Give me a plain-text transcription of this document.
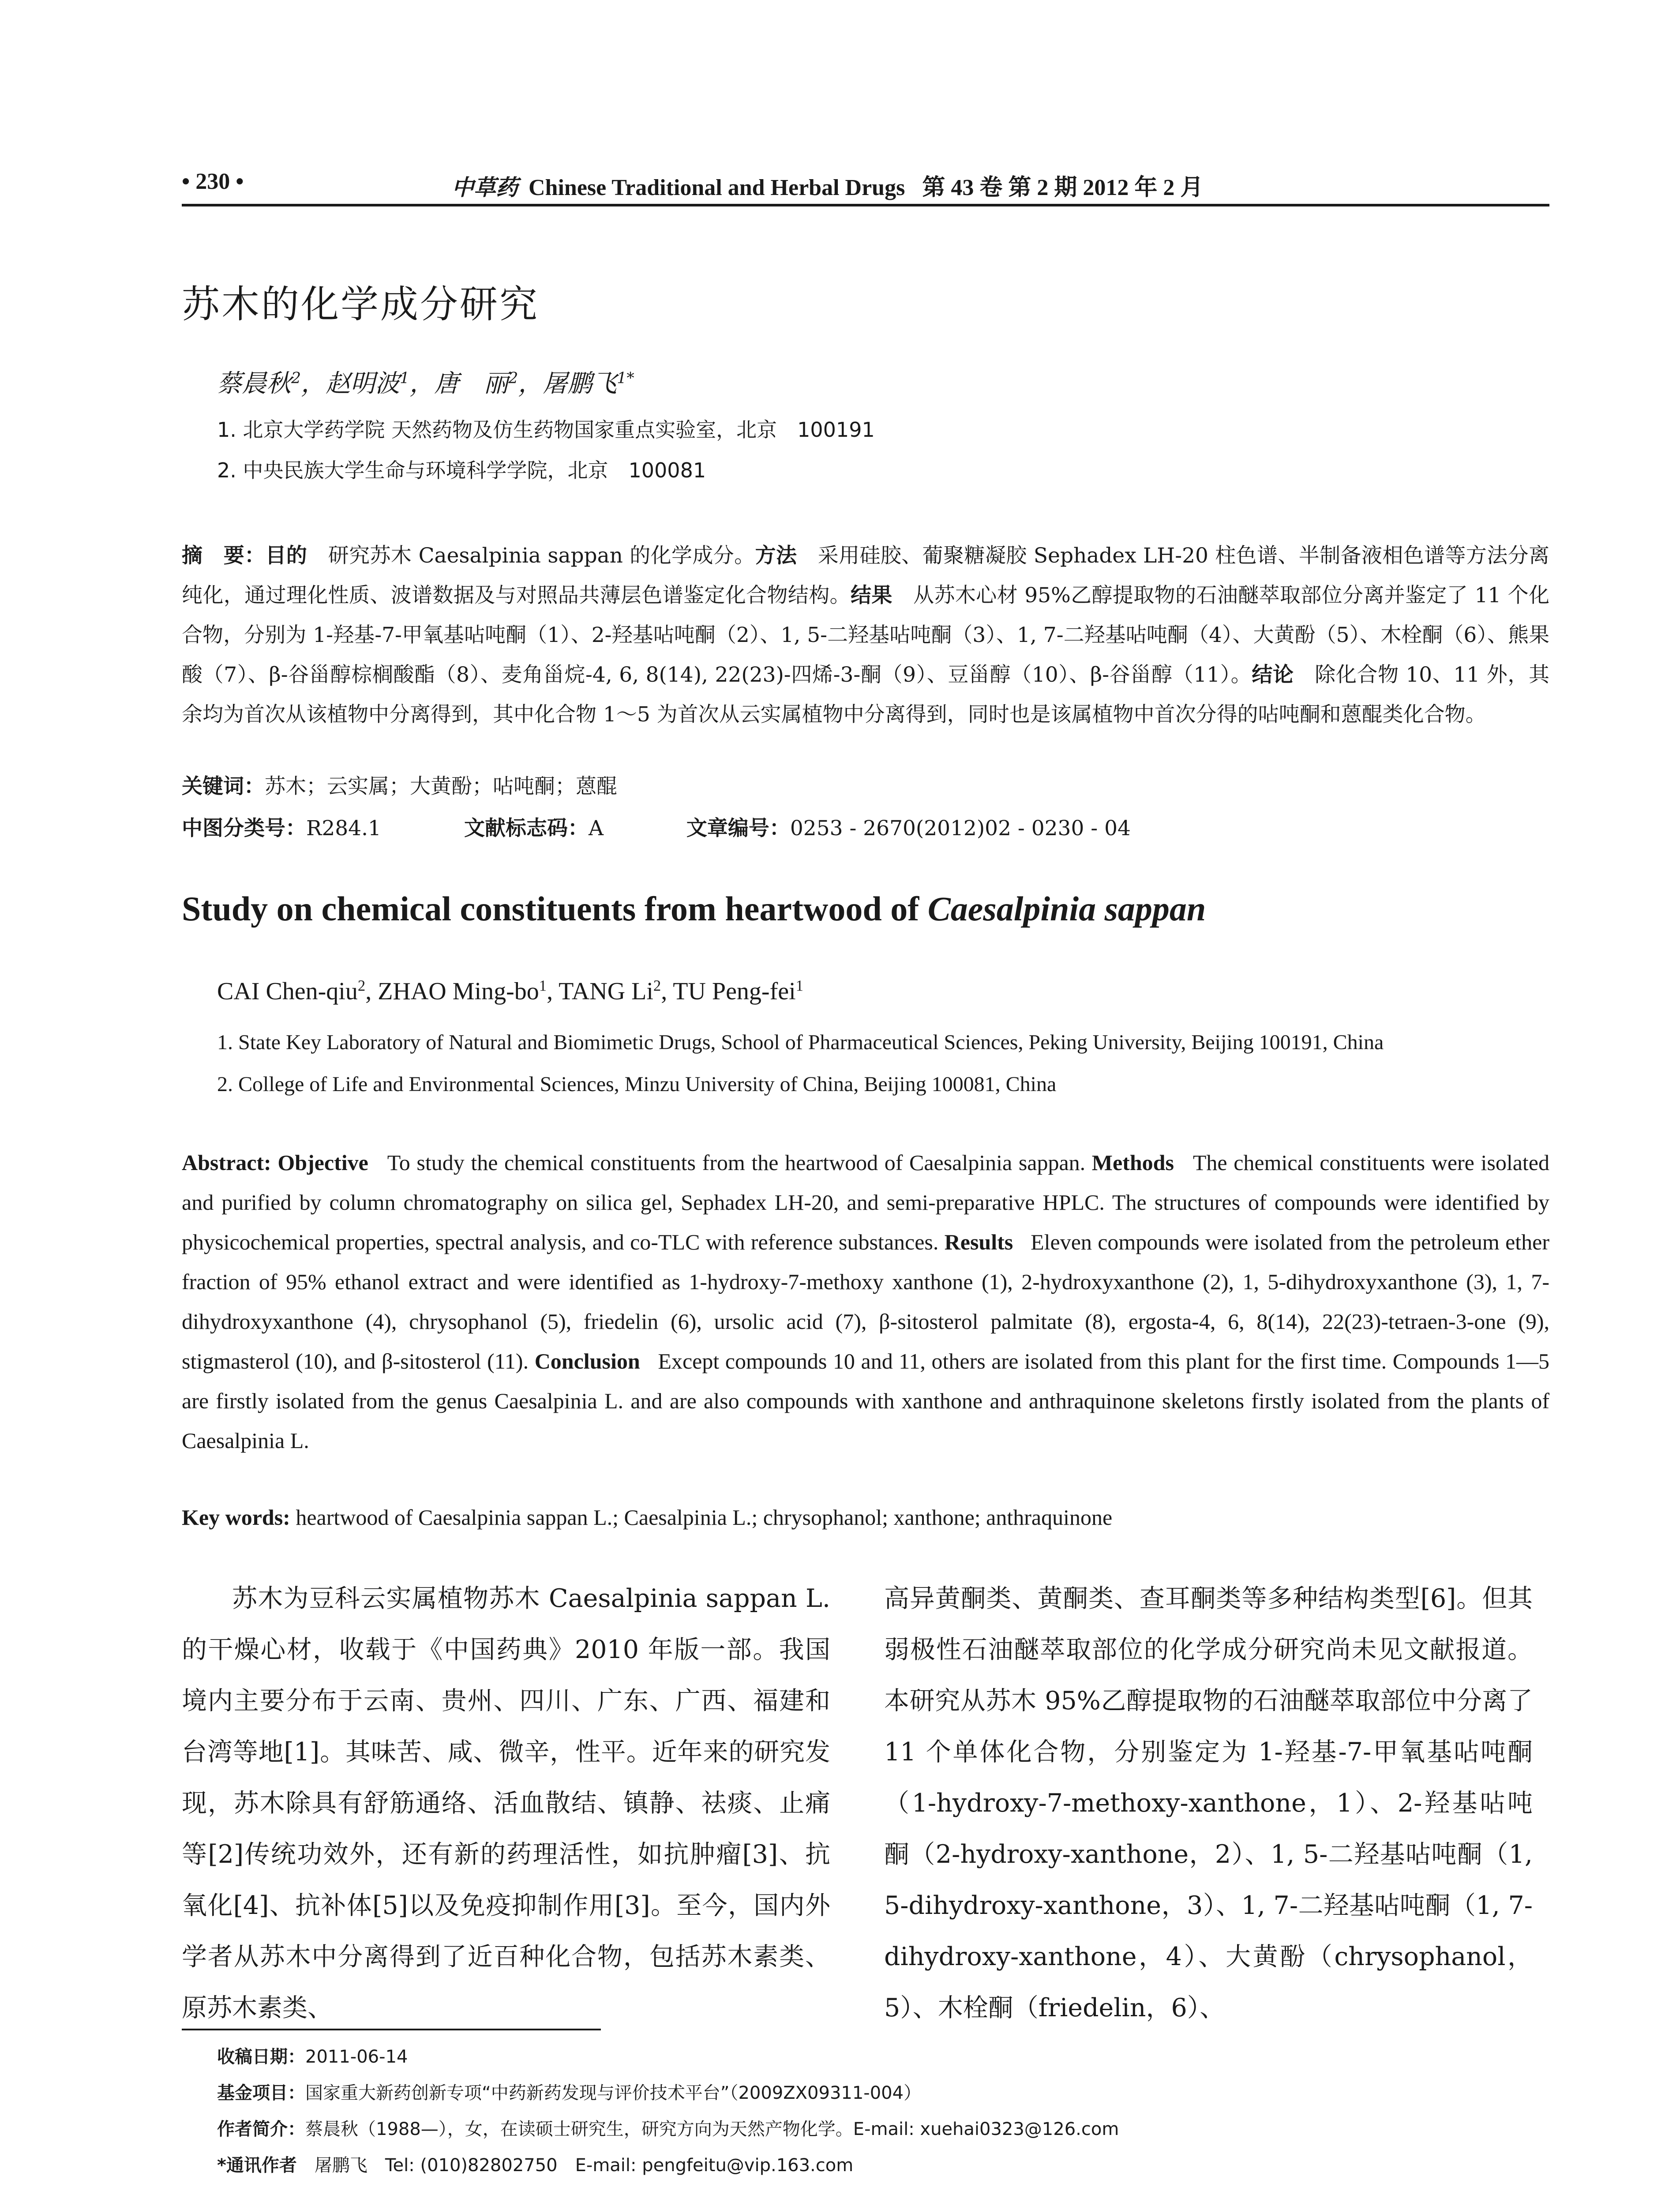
• 230 •	中草药 Chinese Traditional and Herbal Drugs 第 43 卷 第 2 期 2012 年 2 月
苏木的化学成分研究
蔡晨秋$^2$，赵明波$^1$，唐　丽$^2$，屠鹏飞$^{1*}$
1. 北京大学药学院 天然药物及仿生药物国家重点实验室，北京　100191
2. 中央民族大学生命与环境科学学院，北京　100081
摘　要：目的　 研究苏木 Caesalpinia sappan 的化学成分。方法　 采用硅胶、葡聚糖凝胶 Sephadex LH-20 柱色谱、半制备液相色谱等方法分离纯化，通过理化性质、波谱数据及与对照品共薄层色谱鉴定化合物结构。结果　 从苏木心材 95%乙醇提取物的石油醚萃取部位分离并鉴定了 11 个化合物，分别为 1-羟基-7-甲氧基呫吨酮（1）、2-羟基呫吨酮（2）、1, 5-二羟基呫吨酮（3）、1, 7-二羟基呫吨酮（4）、大黄酚（5）、木栓酮（6）、熊果酸（7）、β-谷甾醇棕榈酸酯（8）、麦角甾烷-4, 6, 8(14), 22(23)-四烯-3-酮（9）、豆甾醇（10）、β-谷甾醇（11）。结论　 除化合物 10、11 外，其余均为首次从该植物中分离得到，其中化合物 1～5 为首次从云实属植物中分离得到，同时也是该属植物中首次分得的呫吨酮和蒽醌类化合物。
关键词：苏木；云实属；大黄酚；呫吨酮；蒽醌
中图分类号：R284.1　　　　	文献标志码：A　　　　	文章编号：0253 - 2670(2012)02 - 0230 - 04
Study on chemical constituents from heartwood of Caesalpinia sappan
CAI Chen-qiu$^2$, ZHAO Ming-$bo^1$, TANG Li$^2$, TU Peng-fei$^1$
1. State Key Laboratory of Natural and Biomimetic Drugs, School of Pharmaceutical Sciences, Peking University, Beijing 100191, China
2. College of Life and Environmental Sciences, Minzu University of China, Beijing 100081, China
Abstract: Objective To study the chemical constituents from the heartwood of Caesalpinia sappan. Methods The chemical constituents were isolated and purified by column chromatography on silica gel, Sephadex LH-20, and semi-preparative HPLC. The structures of compounds were identified by physicochemical properties, spectral analysis, and co-TLC with reference substances. Results Eleven compounds were isolated from the petroleum ether fraction of 95% ethanol extract and were identified as 1-hydroxy-7-methoxy xanthone (1), 2-hydroxyxanthone (2), 1, 5-dihydroxyxanthone (3), 1, 7-dihydroxyxanthone (4), chrysophanol (5), friedelin (6), ursolic acid (7), β-sitosterol palmitate (8), ergosta-4, 6, 8(14), 22(23)-tetraen-3-one (9), stigmasterol (10), and β-sitosterol (11). Conclusion Except compounds 10 and 11, others are isolated from this plant for the first time. Compounds 1—5 are firstly isolated from the genus Caesalpinia L. and are also compounds with xanthone and anthraquinone skeletons firstly isolated from the plants of Caesalpinia L.
Key words: heartwood of Caesalpinia sappan L.; Caesalpinia L.; chrysophanol; xanthone; anthraquinone
苏木为豆科云实属植物苏木 Caesalpinia sappan L. 的干燥心材，收载于《中国药典》2010 年版一部。我国境内主要分布于云南、贵州、四川、广东、广西、福建和台湾等地[1]。其味苦、咸、微辛，性平。近年来的研究发现，苏木除具有舒筋通络、活血散结、镇静、祛痰、止痛等[2]传统功效外，还有新的药理活性，如抗肿瘤[3]、抗氧化[4]、抗补体[5]以及免疫抑制作用[3]。至今，国内外学者从苏木中分离得到了近百种化合物，包括苏木素类、原苏木素类、
高异黄酮类、黄酮类、查耳酮类等多种结构类型[6]。但其弱极性石油醚萃取部位的化学成分研究尚未见文献报道。本研究从苏木 95%乙醇提取物的石油醚萃取部位中分离了 11 个单体化合物，分别鉴定为 1-羟基-7-甲氧基呫吨酮（1-hydroxy-7-methoxy-xanthone，1）、2-羟基呫吨酮（2-hydroxy-xanthone，2）、1, 5-二羟基呫吨酮（1, 5-dihydroxy-xanthone，3）、1, 7-二羟基呫吨酮（1, 7-dihydroxy-xanthone，4）、大黄酚（chrysophanol，5）、木栓酮（friedelin，6）、
收稿日期：2011-06-14
基金项目：国家重大新药创新专项“中药新药发现与评价技术平台”（2009ZX09311-004）
作者简介：蔡晨秋（1988—），女，在读硕士研究生，研究方向为天然产物化学。E-mail: xuehai0323@126.com
*通讯作者　 屠鹏飞　Tel: (010)82802750　E-mail: pengfeitu@vip.163.com
